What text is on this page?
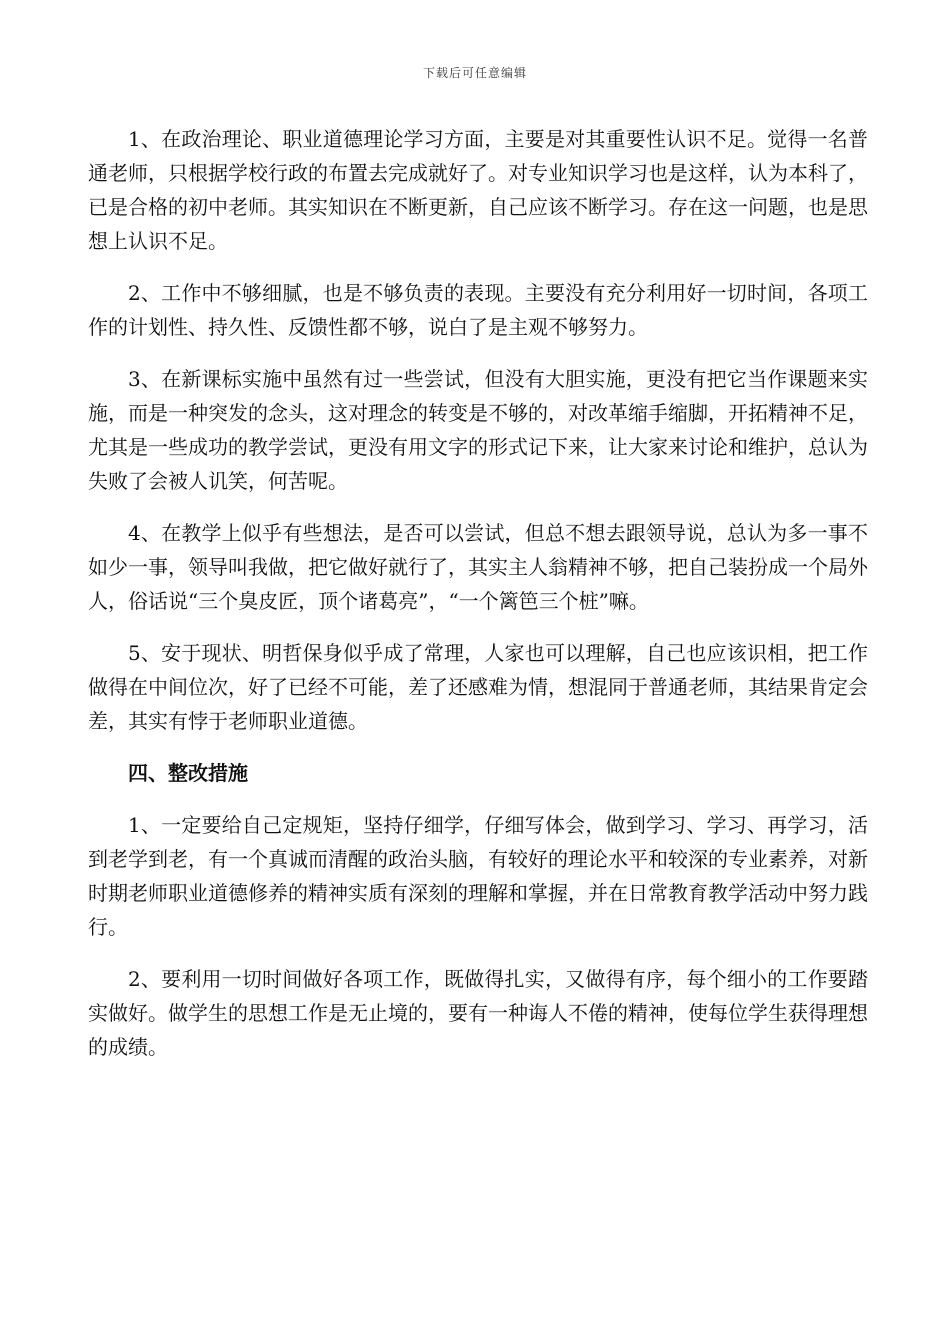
下载后可任意编辑

1、在政治理论、职业道德理论学习方面，主要是对其重要性认识不足。觉得一名普通老师，只根据学校行政的布置去完成就好了。对专业知识学习也是这样，认为本科了，已是合格的初中老师。其实知识在不断更新，自己应该不断学习。存在这一问题，也是思想上认识不足。

2、工作中不够细腻，也是不够负责的表现。主要没有充分利用好一切时间，各项工作的计划性、持久性、反馈性都不够，说白了是主观不够努力。

3、在新课标实施中虽然有过一些尝试，但没有大胆实施，更没有把它当作课题来实施，而是一种突发的念头，这对理念的转变是不够的，对改革缩手缩脚，开拓精神不足，尤其是一些成功的教学尝试，更没有用文字的形式记下来，让大家来讨论和维护，总认为失败了会被人讥笑，何苦呢。

4、在教学上似乎有些想法，是否可以尝试，但总不想去跟领导说，总认为多一事不如少一事，领导叫我做，把它做好就行了，其实主人翁精神不够，把自己装扮成一个局外人，俗话说“三个臭皮匠，顶个诸葛亮”，“一个篱笆三个桩”嘛。

5、安于现状、明哲保身似乎成了常理，人家也可以理解，自己也应该识相，把工作做得在中间位次，好了已经不可能，差了还感难为情，想混同于普通老师，其结果肯定会差，其实有悖于老师职业道德。

四、整改措施

1、一定要给自己定规矩，坚持仔细学，仔细写体会，做到学习、学习、再学习，活到老学到老，有一个真诚而清醒的政治头脑，有较好的理论水平和较深的专业素养，对新时期老师职业道德修养的精神实质有深刻的理解和掌握，并在日常教育教学活动中努力践行。

2、要利用一切时间做好各项工作，既做得扎实，又做得有序，每个细小的工作要踏实做好。做学生的思想工作是无止境的，要有一种诲人不倦的精神，使每位学生获得理想的成绩。
